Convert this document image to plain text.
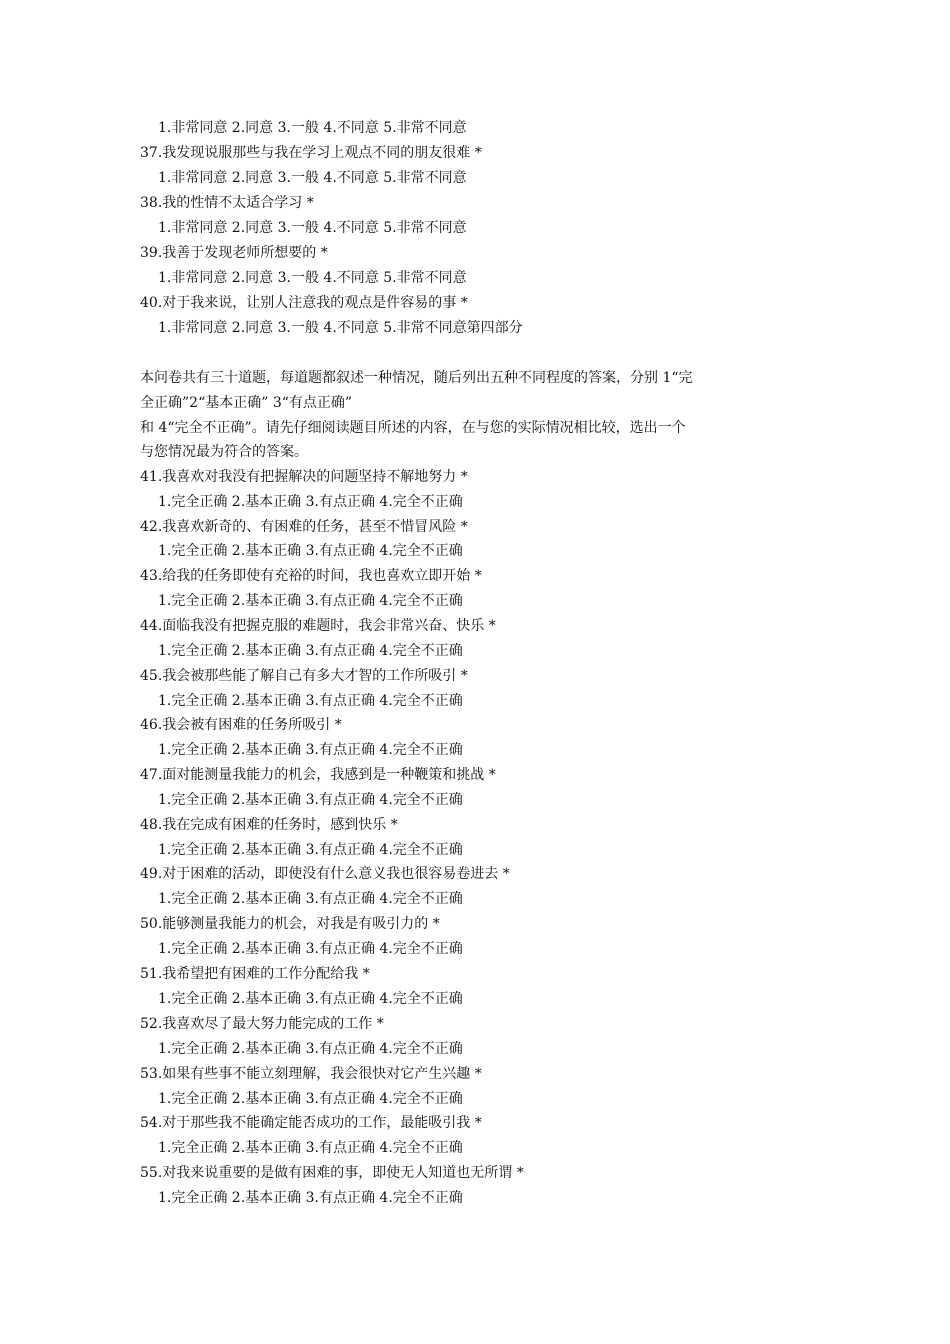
1.非常同意 2.同意 3.一般 4.不同意 5.非常不同意
37.我发现说服那些与我在学习上观点不同的朋友很难 *
1.非常同意 2.同意 3.一般 4.不同意 5.非常不同意
38.我的性情不太适合学习 *
1.非常同意 2.同意 3.一般 4.不同意 5.非常不同意
39.我善于发现老师所想要的 *
1.非常同意 2.同意 3.一般 4.不同意 5.非常不同意
40.对于我来说，让别人注意我的观点是件容易的事 *
1.非常同意 2.同意 3.一般 4.不同意 5.非常不同意第四部分
本问卷共有三十道题，每道题都叙述一种情况，随后列出五种不同程度的答案，分别 1“完
全正确”2“基本正确” 3“有点正确”
和 4“完全不正确”。请先仔细阅读题目所述的内容，在与您的实际情况相比较，选出一个
与您情况最为符合的答案。
41.我喜欢对我没有把握解决的问题坚持不解地努力 *
1.完全正确 2.基本正确 3.有点正确 4.完全不正确
42.我喜欢新奇的、有困难的任务，甚至不惜冒风险 *
1.完全正确 2.基本正确 3.有点正确 4.完全不正确
43.给我的任务即使有充裕的时间，我也喜欢立即开始 *
1.完全正确 2.基本正确 3.有点正确 4.完全不正确
44.面临我没有把握克服的难题时，我会非常兴奋、快乐 *
1.完全正确 2.基本正确 3.有点正确 4.完全不正确
45.我会被那些能了解自己有多大才智的工作所吸引 *
1.完全正确 2.基本正确 3.有点正确 4.完全不正确
46.我会被有困难的任务所吸引 *
1.完全正确 2.基本正确 3.有点正确 4.完全不正确
47.面对能测量我能力的机会，我感到是一种鞭策和挑战 *
1.完全正确 2.基本正确 3.有点正确 4.完全不正确
48.我在完成有困难的任务时，感到快乐 *
1.完全正确 2.基本正确 3.有点正确 4.完全不正确
49.对于困难的活动，即使没有什么意义我也很容易卷进去 *
1.完全正确 2.基本正确 3.有点正确 4.完全不正确
50.能够测量我能力的机会，对我是有吸引力的 *
1.完全正确 2.基本正确 3.有点正确 4.完全不正确
51.我希望把有困难的工作分配给我 *
1.完全正确 2.基本正确 3.有点正确 4.完全不正确
52.我喜欢尽了最大努力能完成的工作 *
1.完全正确 2.基本正确 3.有点正确 4.完全不正确
53.如果有些事不能立刻理解，我会很快对它产生兴趣 *
1.完全正确 2.基本正确 3.有点正确 4.完全不正确
54.对于那些我不能确定能否成功的工作，最能吸引我 *
1.完全正确 2.基本正确 3.有点正确 4.完全不正确
55.对我来说重要的是做有困难的事，即使无人知道也无所谓 *
1.完全正确 2.基本正确 3.有点正确 4.完全不正确
